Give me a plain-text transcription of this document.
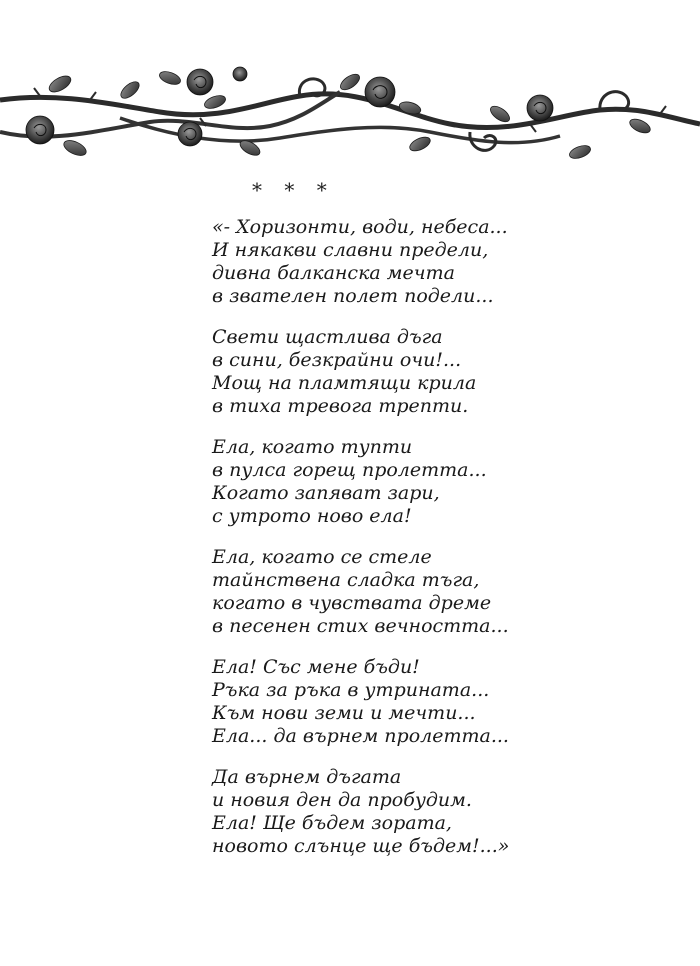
* * *
«- Хоризонти, води, небеса...
И някакви славни предели,
дивна балканска мечта
в звателен полет подели...
Свети щастлива дъга
в сини, безкрайни очи!...
Мощ на пламтящи крила
в тиха тревога трепти.
Ела, когато тупти
в пулса горещ пролетта...
Когато запяват зари,
с утрото ново ела!
Ела, когато се стеле
тайнствена сладка тъга,
когато в чувствата дреме
в песенен стих вечността...
Ела! Със мене бъди!
Ръка за ръка в утрината...
Към нови земи и мечти...
Ела... да върнем пролетта...
Да върнем дъгата
и новия ден да пробудим.
Ела! Ще бъдем зората,
новото слънце ще бъдем!...»
